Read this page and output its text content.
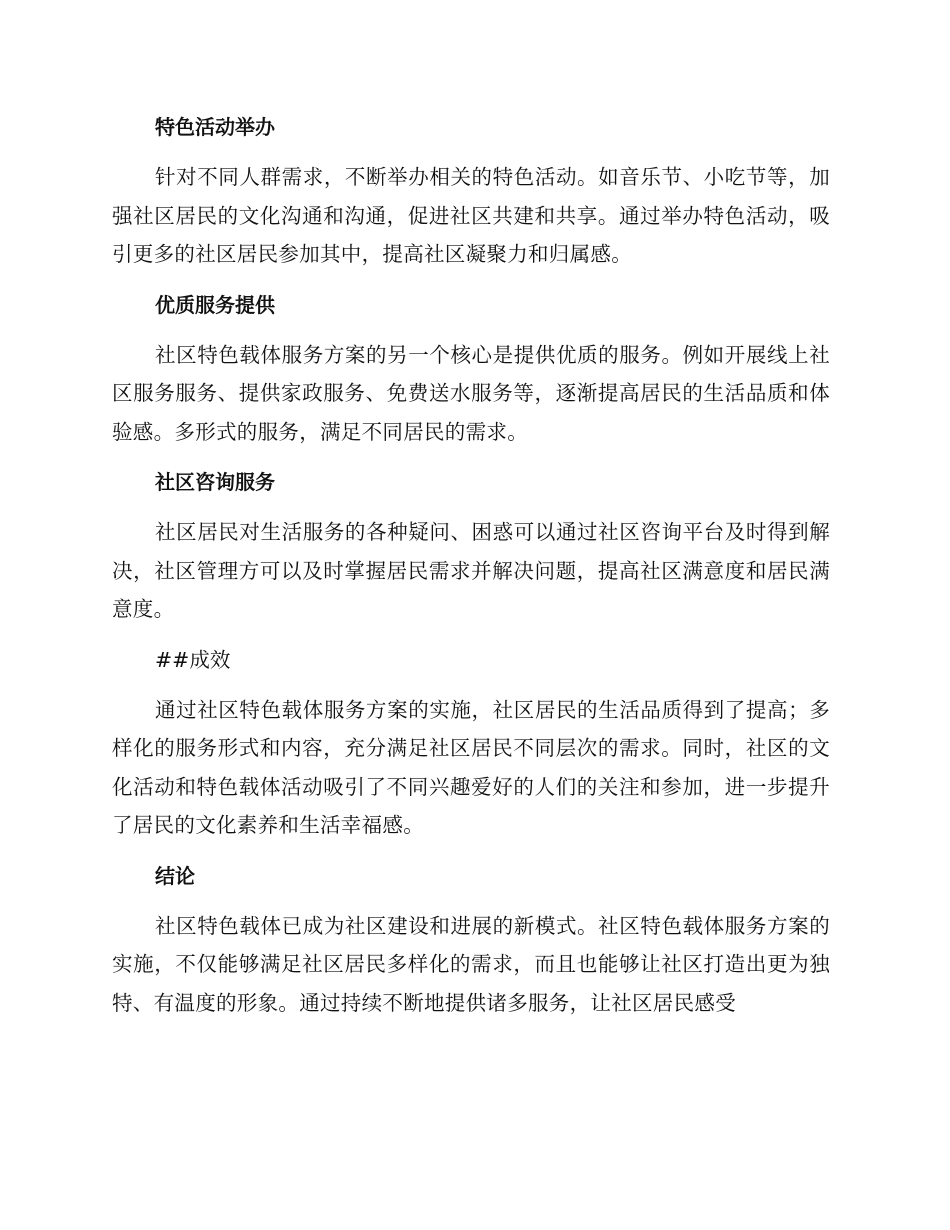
特色活动举办

针对不同人群需求，不断举办相关的特色活动。如音乐节、小吃节等，加强社区居民的文化沟通和沟通，促进社区共建和共享。通过举办特色活动，吸引更多的社区居民参加其中，提高社区凝聚力和归属感。

优质服务提供

社区特色载体服务方案的另一个核心是提供优质的服务。例如开展线上社区服务服务、提供家政服务、免费送水服务等，逐渐提高居民的生活品质和体验感。多形式的服务，满足不同居民的需求。

社区咨询服务

社区居民对生活服务的各种疑问、困惑可以通过社区咨询平台及时得到解决，社区管理方可以及时掌握居民需求并解决问题，提高社区满意度和居民满意度。

##成效

通过社区特色载体服务方案的实施，社区居民的生活品质得到了提高；多样化的服务形式和内容，充分满足社区居民不同层次的需求。同时，社区的文化活动和特色载体活动吸引了不同兴趣爱好的人们的关注和参加，进一步提升了居民的文化素养和生活幸福感。

结论

社区特色载体已成为社区建设和进展的新模式。社区特色载体服务方案的实施，不仅能够满足社区居民多样化的需求，而且也能够让社区打造出更为独特、有温度的形象。通过持续不断地提供诸多服务，让社区居民感受
